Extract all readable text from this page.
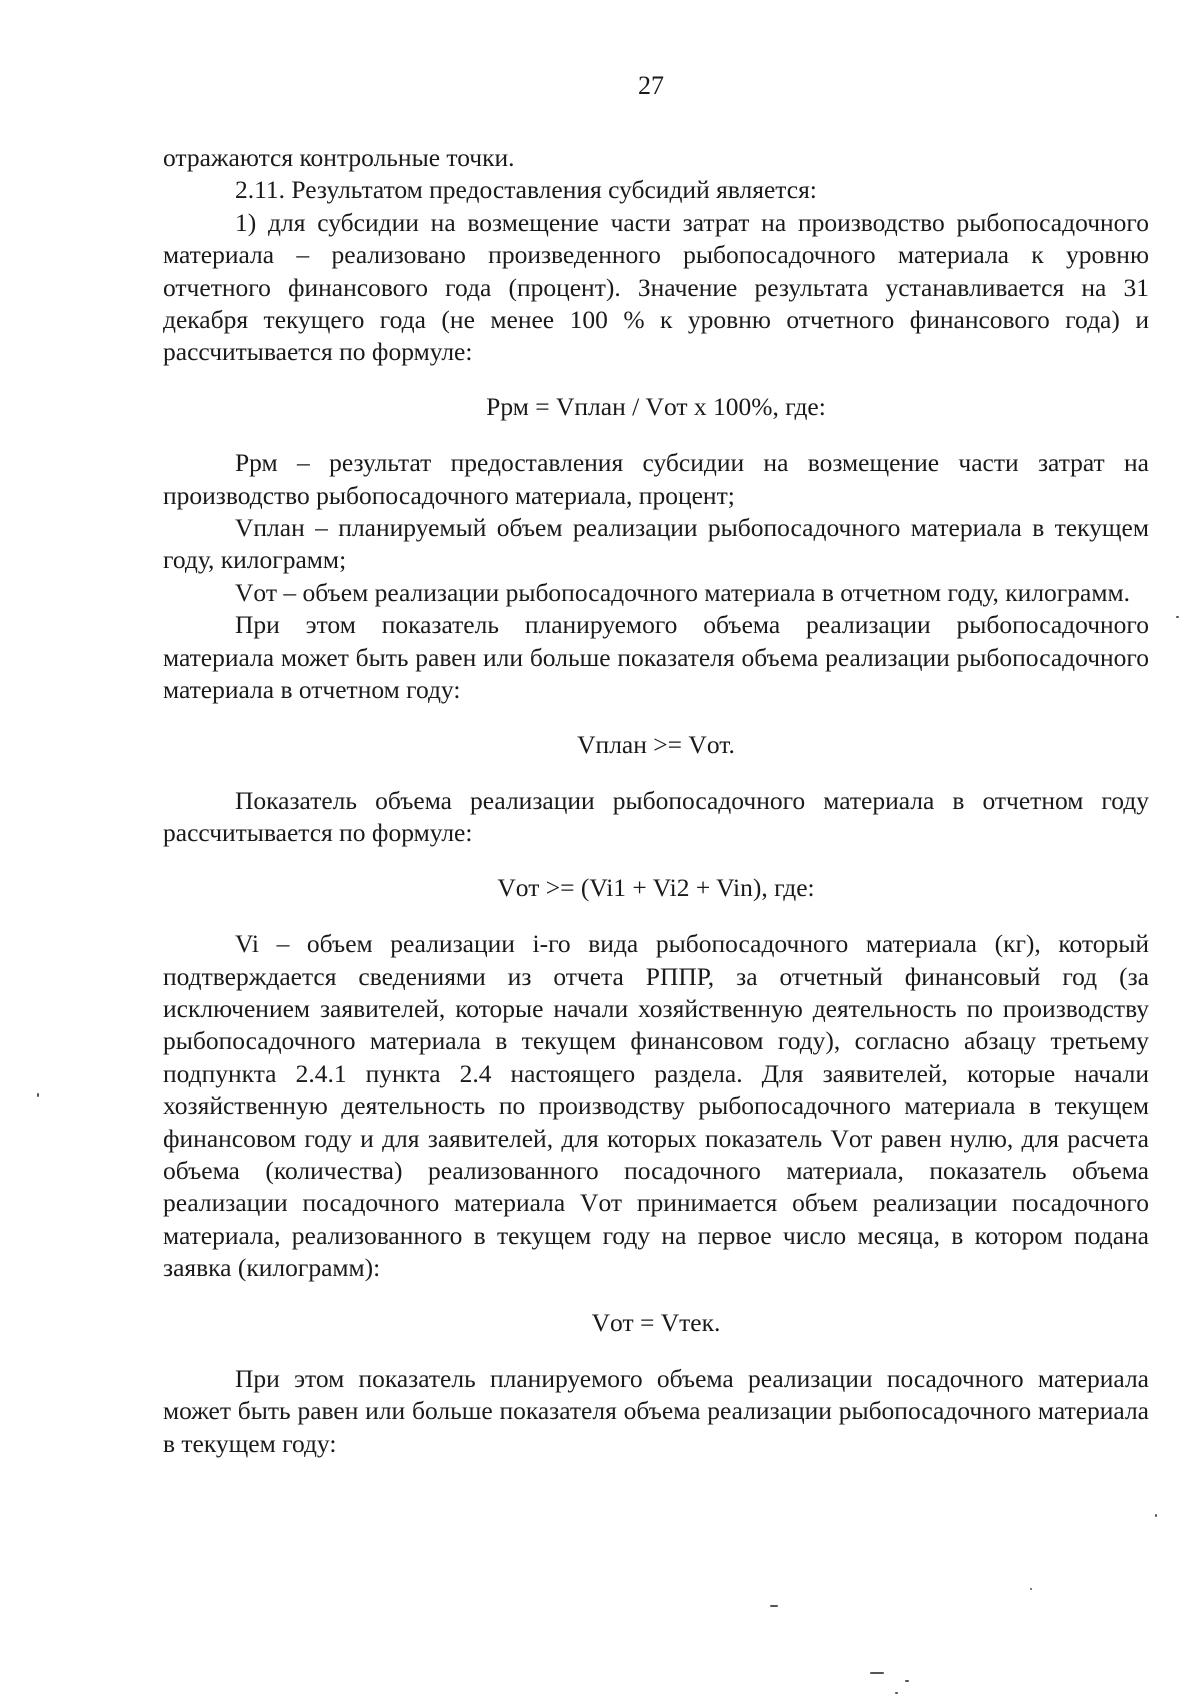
27

отражаются контрольные точки.

2.11. Результатом предоставления субсидий является:

1) для субсидии на возмещение части затрат на производство рыбопосадочного материала – реализовано произведенного рыбопосадочного материала к уровню отчетного финансового года (процент). Значение результата устанавливается на 31 декабря текущего года (не менее 100 % к уровню отчетного финансового года) и рассчитывается по формуле:

Ррм = Vплан / Vот х 100%, где:

Ррм – результат предоставления субсидии на возмещение части затрат на производство рыбопосадочного материала, процент;

Vплан – планируемый объем реализации рыбопосадочного материала в текущем году, килограмм;

Vот – объем реализации рыбопосадочного материала в отчетном году, килограмм.

При этом показатель планируемого объема реализации рыбопосадочного материала может быть равен или больше показателя объема реализации рыбопосадочного материала в отчетном году:

Vплан >= Vот.

Показатель объема реализации рыбопосадочного материала в отчетном году рассчитывается по формуле:

Vот >= (Vi1 + Vi2 + Vin), где:

Vi – объем реализации i-го вида рыбопосадочного материала (кг), который подтверждается сведениями из отчета РППР, за отчетный финансовый год (за исключением заявителей, которые начали хозяйственную деятельность по производству рыбопосадочного материала в текущем финансовом году), согласно абзацу третьему подпункта 2.4.1 пункта 2.4 настоящего раздела. Для заявителей, которые начали хозяйственную деятельность по производству рыбопосадочного материала в текущем финансовом году и для заявителей, для которых показатель Vот равен нулю, для расчета объема (количества) реализованного посадочного материала, показатель объема реализации посадочного материала Vот принимается объем реализации посадочного материала, реализованного в текущем году на первое число месяца, в котором подана заявка (килограмм):

Vот = Vтек.

При этом показатель планируемого объема реализации посадочного материала может быть равен или больше показателя объема реализации рыбопосадочного материала в текущем году:
